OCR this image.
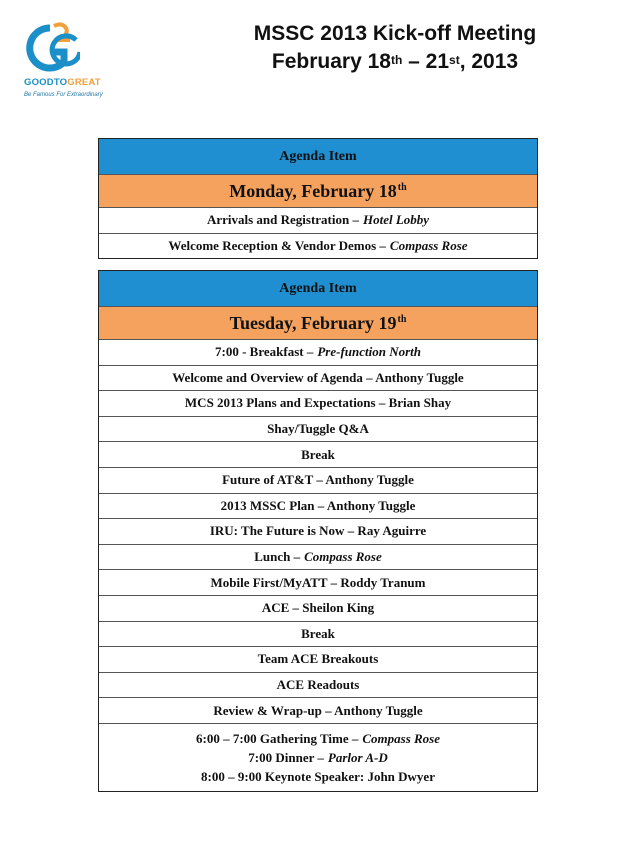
GOODTOGREAT
Be Famous For Extraordinary
MSSC 2013 Kick-off Meeting
February 18th – 21st, 2013
Agenda Item
Monday, February 18th
Arrivals and Registration – Hotel Lobby
Welcome Reception & Vendor Demos – Compass Rose
Agenda Item
Tuesday, February 19th
7:00 - Breakfast – Pre-function North
Welcome and Overview of Agenda – Anthony Tuggle
MCS 2013 Plans and Expectations – Brian Shay
Shay/Tuggle Q&A
Break
Future of AT&T – Anthony Tuggle
2013 MSSC Plan – Anthony Tuggle
IRU: The Future is Now – Ray Aguirre
Lunch – Compass Rose
Mobile First/MyATT – Roddy Tranum
ACE – Sheilon King
Break
Team ACE Breakouts
ACE Readouts
Review & Wrap-up – Anthony Tuggle
6:00 – 7:00 Gathering Time – Compass Rose
7:00 Dinner – Parlor A-D
8:00 – 9:00 Keynote Speaker: John Dwyer
